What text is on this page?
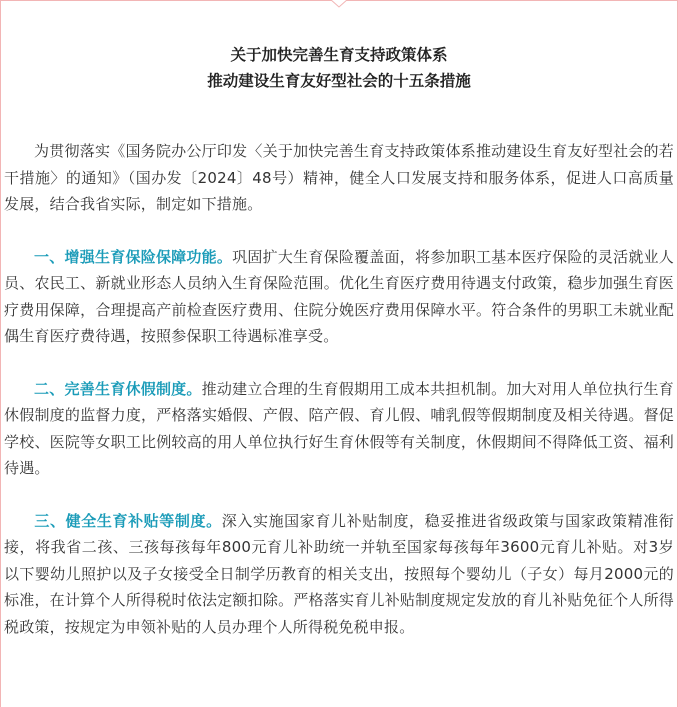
关于加快完善生育支持政策体系
推动建设生育友好型社会的十五条措施

为贯彻落实《国务院办公厅印发〈关于加快完善生育支持政策体系推动建设生育友好型社会的若干措施〉的通知》（国办发〔2024〕48号）精神，健全人口发展支持和服务体系，促进人口高质量发展，结合我省实际，制定如下措施。

一、增强生育保险保障功能。巩固扩大生育保险覆盖面，将参加职工基本医疗保险的灵活就业人员、农民工、新就业形态人员纳入生育保险范围。优化生育医疗费用待遇支付政策，稳步加强生育医疗费用保障，合理提高产前检查医疗费用、住院分娩医疗费用保障水平。符合条件的男职工未就业配偶生育医疗费待遇，按照参保职工待遇标准享受。

二、完善生育休假制度。推动建立合理的生育假期用工成本共担机制。加大对用人单位执行生育休假制度的监督力度，严格落实婚假、产假、陪产假、育儿假、哺乳假等假期制度及相关待遇。督促学校、医院等女职工比例较高的用人单位执行好生育休假等有关制度，休假期间不得降低工资、福利待遇。

三、健全生育补贴等制度。深入实施国家育儿补贴制度，稳妥推进省级政策与国家政策精准衔接，将我省二孩、三孩每孩每年800元育儿补助统一并轨至国家每孩每年3600元育儿补贴。对3岁以下婴幼儿照护以及子女接受全日制学历教育的相关支出，按照每个婴幼儿（子女）每月2000元的标准，在计算个人所得税时依法定额扣除。严格落实育儿补贴制度规定发放的育儿补贴免征个人所得税政策，按规定为申领补贴的人员办理个人所得税免税申报。
